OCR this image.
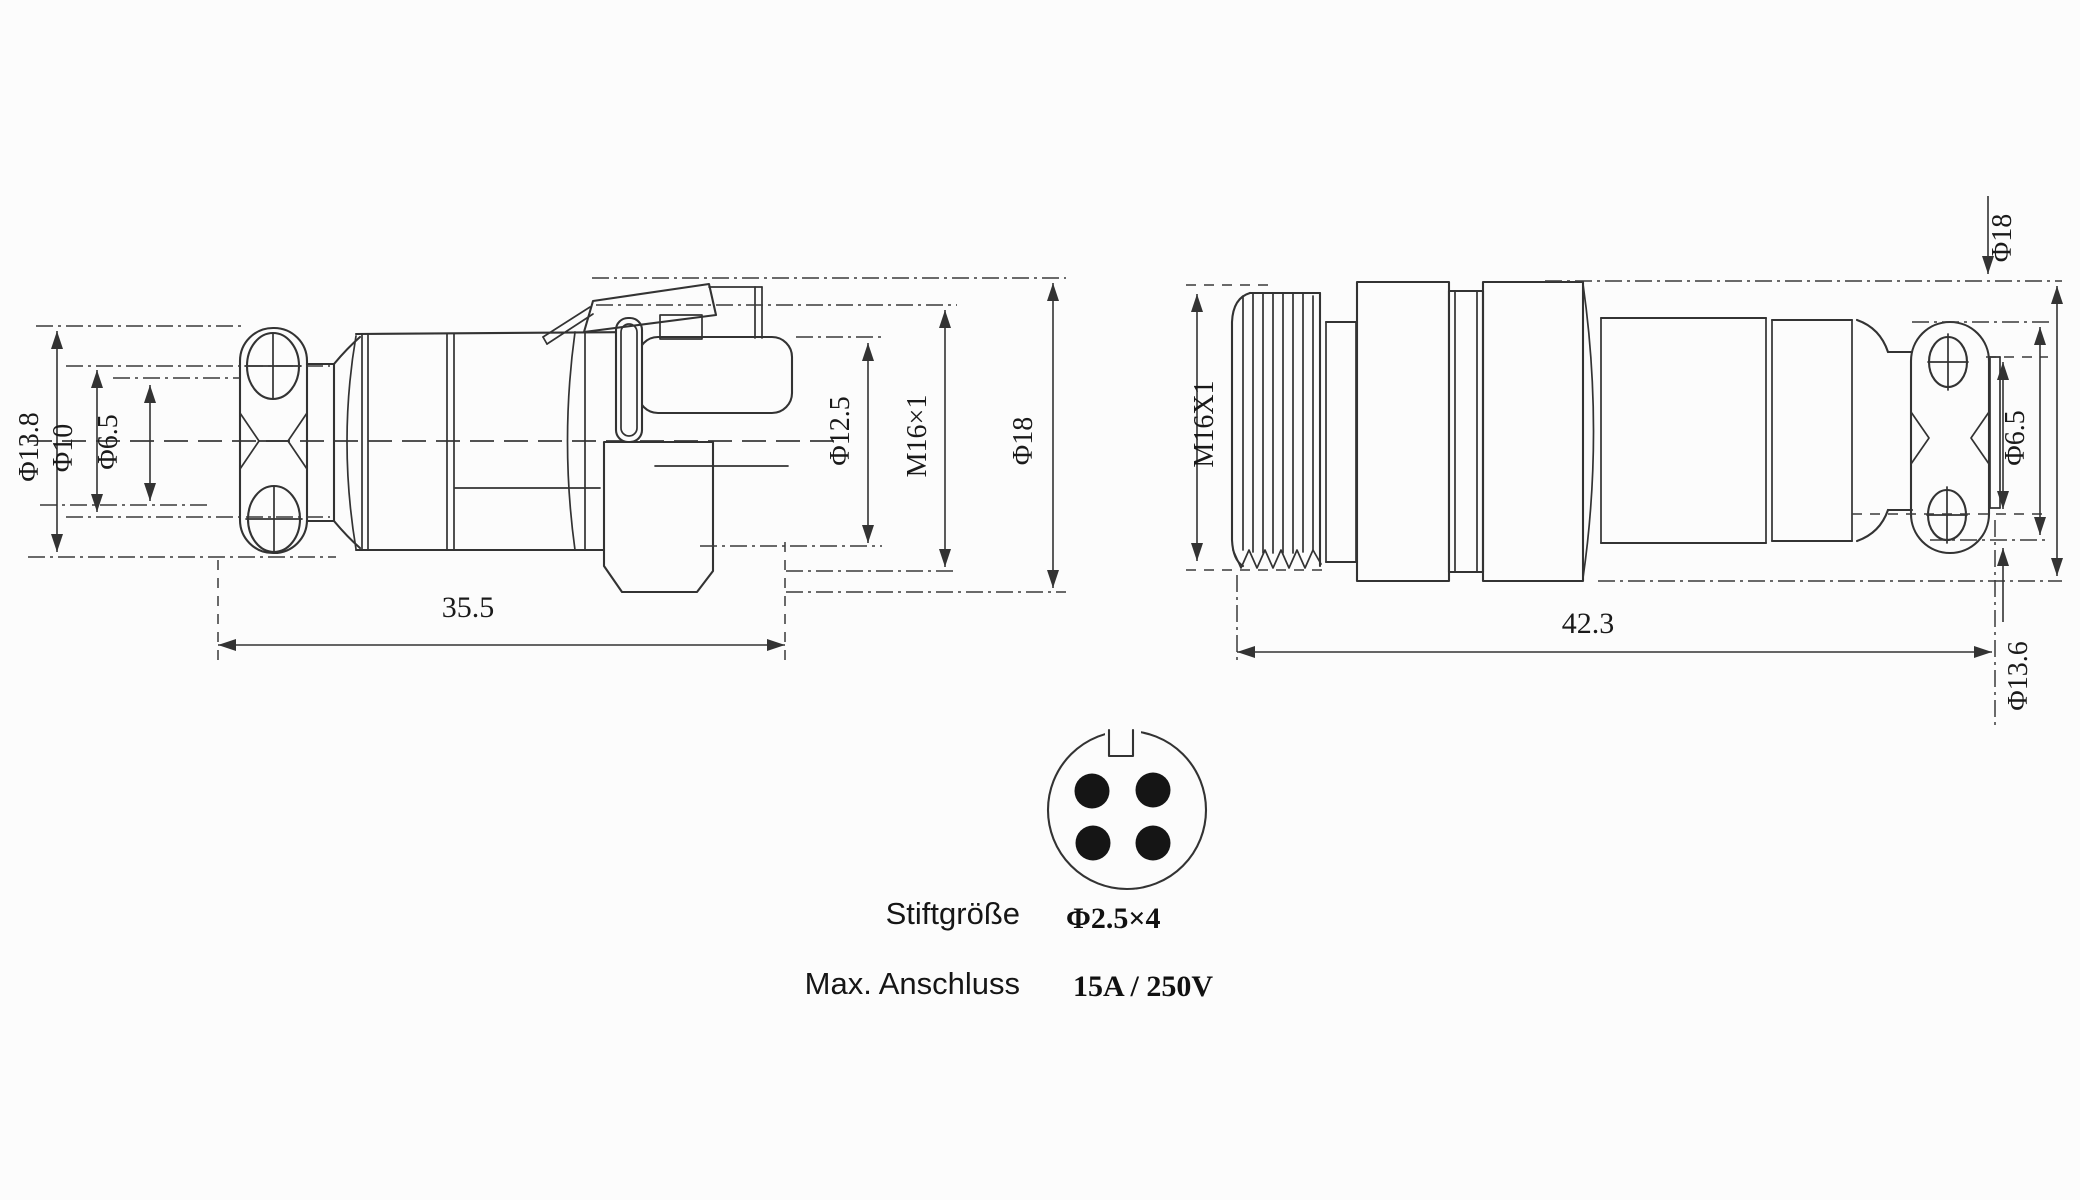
Φ13.8 Φ10 Φ6.5	Φ12.5 M16×1	Φ18
35.5
M16X1
Φ18
Φ13.6
Φ6.5
42.3
Stiftgröße Φ2.5×4
Max. Anschluss 15A / 250V
